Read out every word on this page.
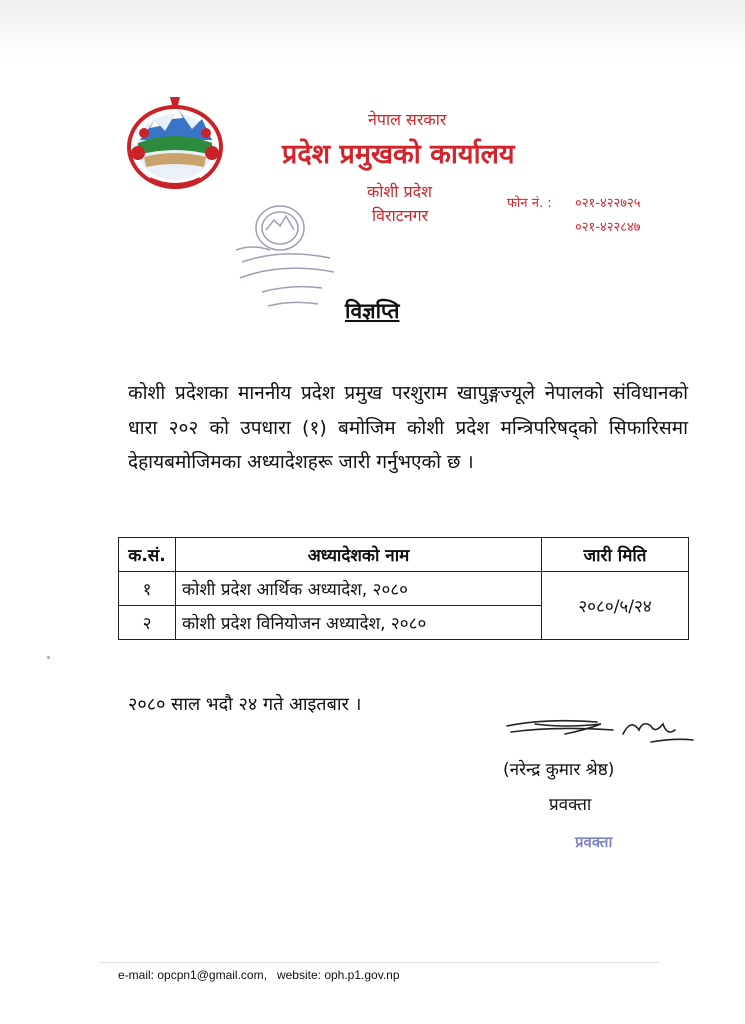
नेपाल सरकार
प्रदेश प्रमुखको कार्यालय
कोशी प्रदेश
विराटनगर
फोन नं. : ०२१-४२२७२५
०२१-४२२८४७
विज्ञप्ति
कोशी प्रदेशका माननीय प्रदेश प्रमुख परशुराम खापुङ्गज्यूले नेपालको संविधानको धारा २०२ को उपधारा (१) बमोजिम कोशी प्रदेश मन्त्रिपरिषद्को सिफारिसमा देहायबमोजिमका अध्यादेशहरू जारी गर्नुभएको छ ।
क.सं.	अध्यादेशको नाम	जारी मिति
१	कोशी प्रदेश आर्थिक अध्यादेश, २०८०	२०८०/५/२४
२	कोशी प्रदेश विनियोजन अध्यादेश, २०८०	
२०८० साल भदौ २४ गते आइतबार ।
(नरेन्द्र कुमार श्रेष्ठ)
प्रवक्ता
प्रवक्ता
e-mail: opcpn1@gmail.com, website: oph.p1.gov.np
